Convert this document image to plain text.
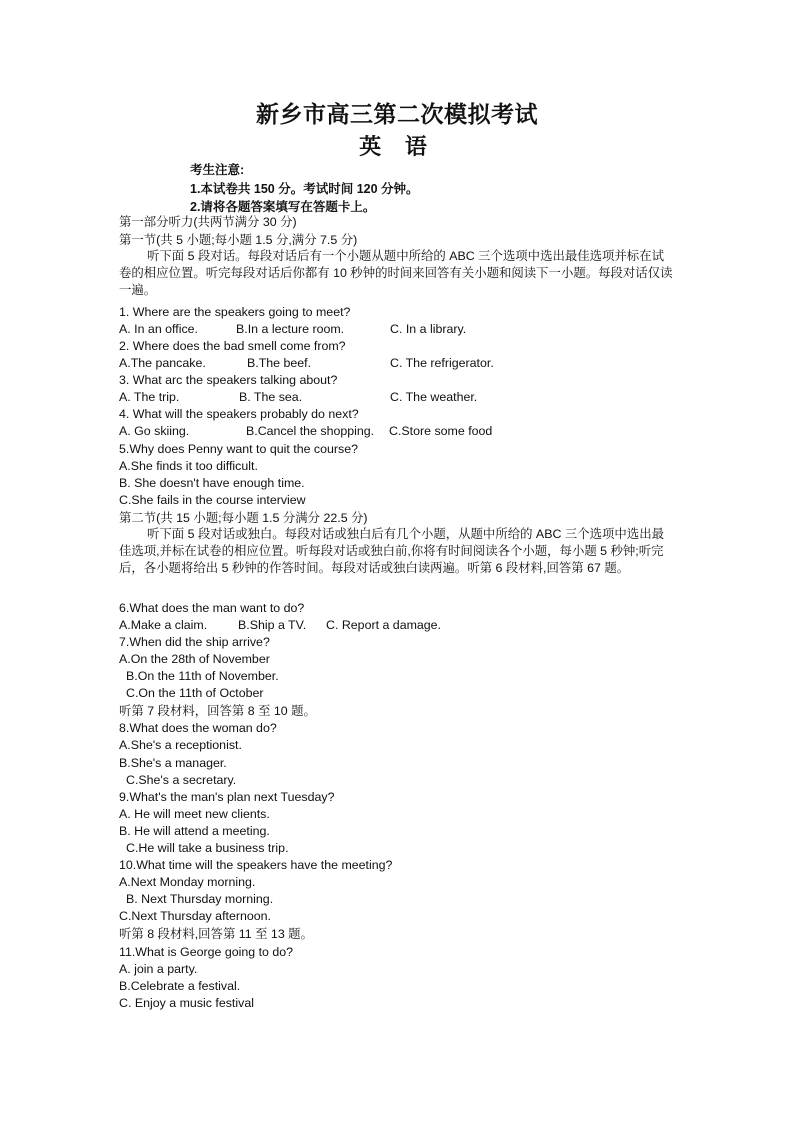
新乡市高三第二次模拟考试
英 语
考生注意:
1.本试卷共 150 分。考试时间 120 分钟。
2.请将各题答案填写在答题卡上。
第一部分听力(共两节满分 30 分)
第一节(共 5 小题;每小题 1.5 分,满分 7.5 分)
听下面 5 段对话。每段对话后有一个小题从题中所给的 ABC 三个选项中选出最佳选项并标在试卷的相应位置。听完每段对话后你都有 10 秒钟的时间来回答有关小题和阅读下一小题。每段对话仅读一遍。
1. Where are the speakers going to meet?
A. In an office.	B.In a lecture room.	C. In a library.
2. Where does the bad smell come from?
A.The pancake.	B.The beef.	C. The refrigerator.
3. What arc the speakers talking about?
A. The trip.	B. The sea.	C. The weather.
4. What will the speakers probably do next?
A. Go skiing.	B.Cancel the shopping. C.Store some food
5.Why does Penny want to quit the course?
A.She finds it too difficult.
B. She doesn't have enough time.
C.She fails in the course interview
第二节(共 15 小题;每小题 1.5 分满分 22.5 分)
听下面 5 段对话或独白。每段对话或独白后有几个小题，从题中所给的 ABC 三个选项中选出最佳选项,并标在试卷的相应位置。听每段对话或独白前,你将有时间阅读各个小题，每小题 5 秒钟;听完后，各小题将给出 5 秒钟的作答时间。每段对话或独白读两遍。听第 6 段材料,回答第 67 题。
6.What does the man want to do?
A.Make a claim. B.Ship a TV. C. Report a damage.
7.When did the ship arrive?
A.On the 28th of November
B.On the 11th of November.
C.On the 11th of October
听第 7 段材料，回答第 8 至 10 题。
8.What does the woman do?
A.She's a receptionist.
B.She's a manager.
C.She's a secretary.
9.What's the man's plan next Tuesday?
A. He will meet new clients.
B. He will attend a meeting.
C.He will take a business trip.
10.What time will the speakers have the meeting?
A.Next Monday morning.
B. Next Thursday morning.
C.Next Thursday afternoon.
听第 8 段材料,回答第 11 至 13 题。
11.What is George going to do?
A. join a party.
B.Celebrate a festival.
C. Enjoy a music festival
